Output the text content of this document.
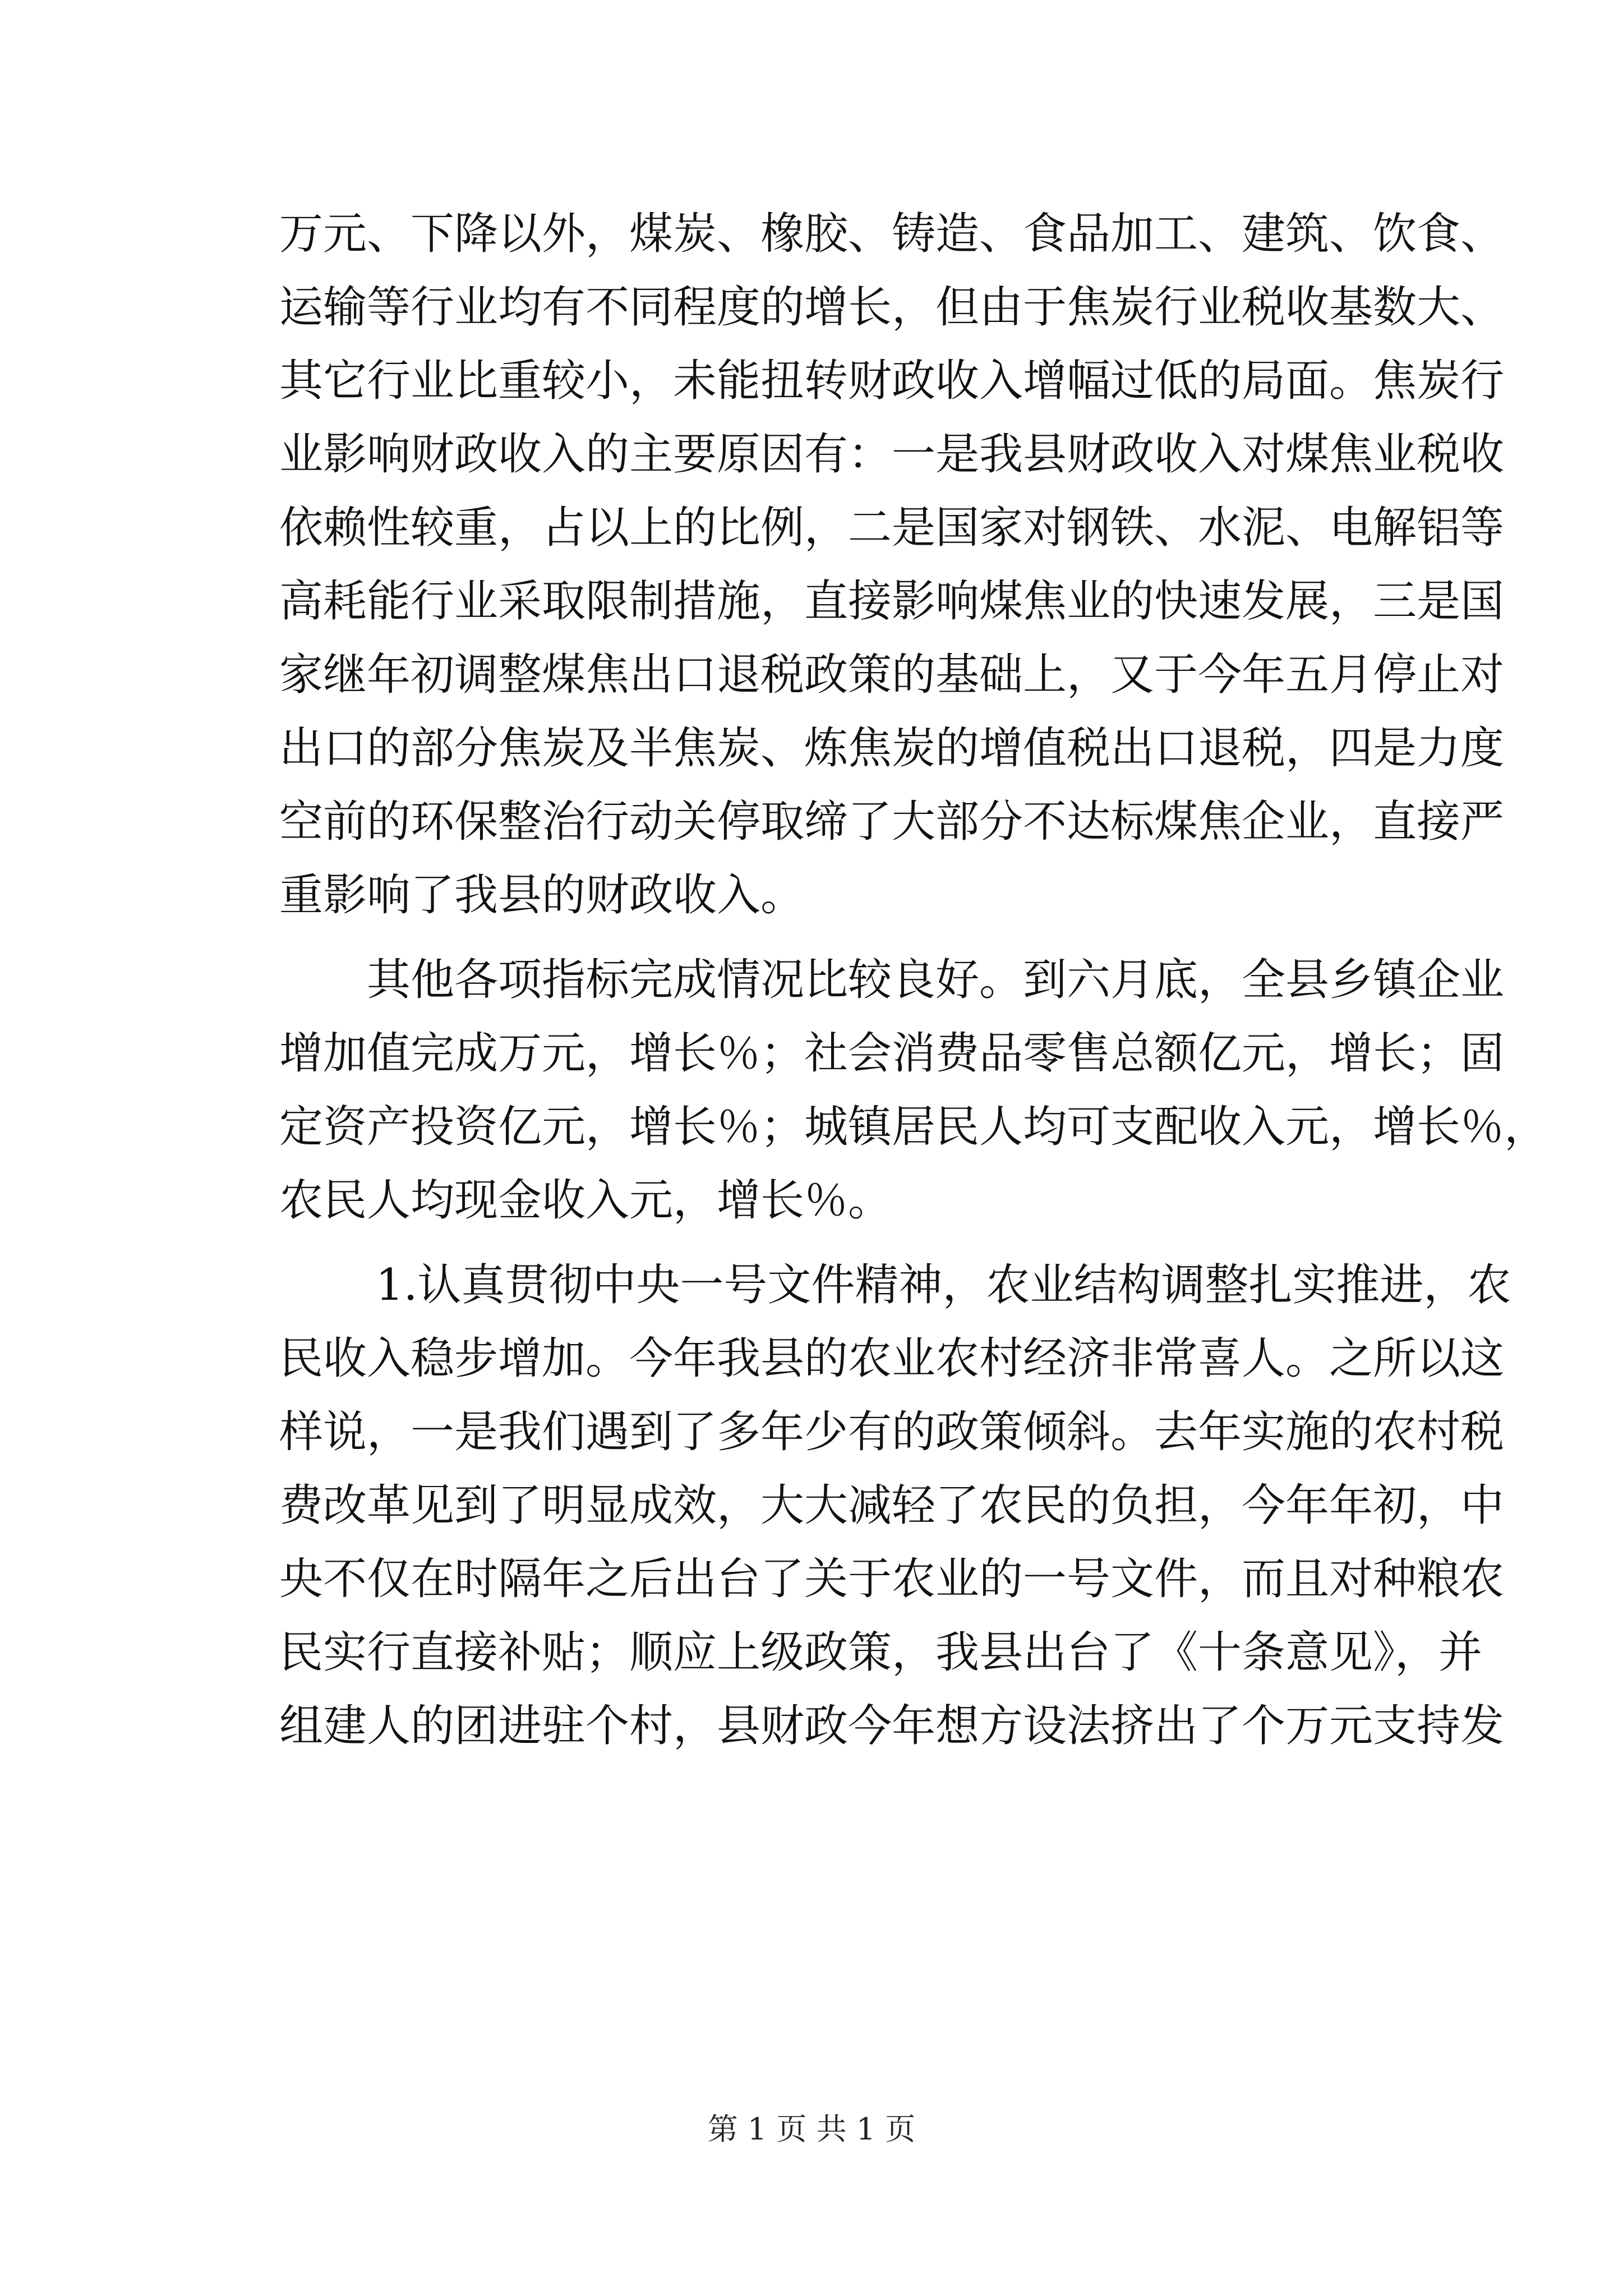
万元、下降以外，煤炭、橡胶、铸造、食品加工、建筑、饮食、
运输等行业均有不同程度的增长，但由于焦炭行业税收基数大、
其它行业比重较小，未能扭转财政收入增幅过低的局面。焦炭行
业影响财政收入的主要原因有：一是我县财政收入对煤焦业税收
依赖性较重，占以上的比例，二是国家对钢铁、水泥、电解铝等
高耗能行业采取限制措施，直接影响煤焦业的快速发展，三是国
家继年初调整煤焦出口退税政策的基础上，又于今年五月停止对
出口的部分焦炭及半焦炭、炼焦炭的增值税出口退税，四是力度
空前的环保整治行动关停取缔了大部分不达标煤焦企业，直接严
重影响了我县的财政收入。
其他各项指标完成情况比较良好。到六月底，全县乡镇企业
增加值完成万元，增长％；社会消费品零售总额亿元，增长；固
定资产投资亿元，增长％；城镇居民人均可支配收入元，增长％，
农民人均现金收入元，增长％。
1.认真贯彻中央一号文件精神，农业结构调整扎实推进，农
民收入稳步增加。今年我县的农业农村经济非常喜人。之所以这
样说，一是我们遇到了多年少有的政策倾斜。去年实施的农村税
费改革见到了明显成效，大大减轻了农民的负担，今年年初，中
央不仅在时隔年之后出台了关于农业的一号文件，而且对种粮农
民实行直接补贴；顺应上级政策，我县出台了《十条意见》，并
组建人的团进驻个村，县财政今年想方设法挤出了个万元支持发
第 1 页 共 1 页
